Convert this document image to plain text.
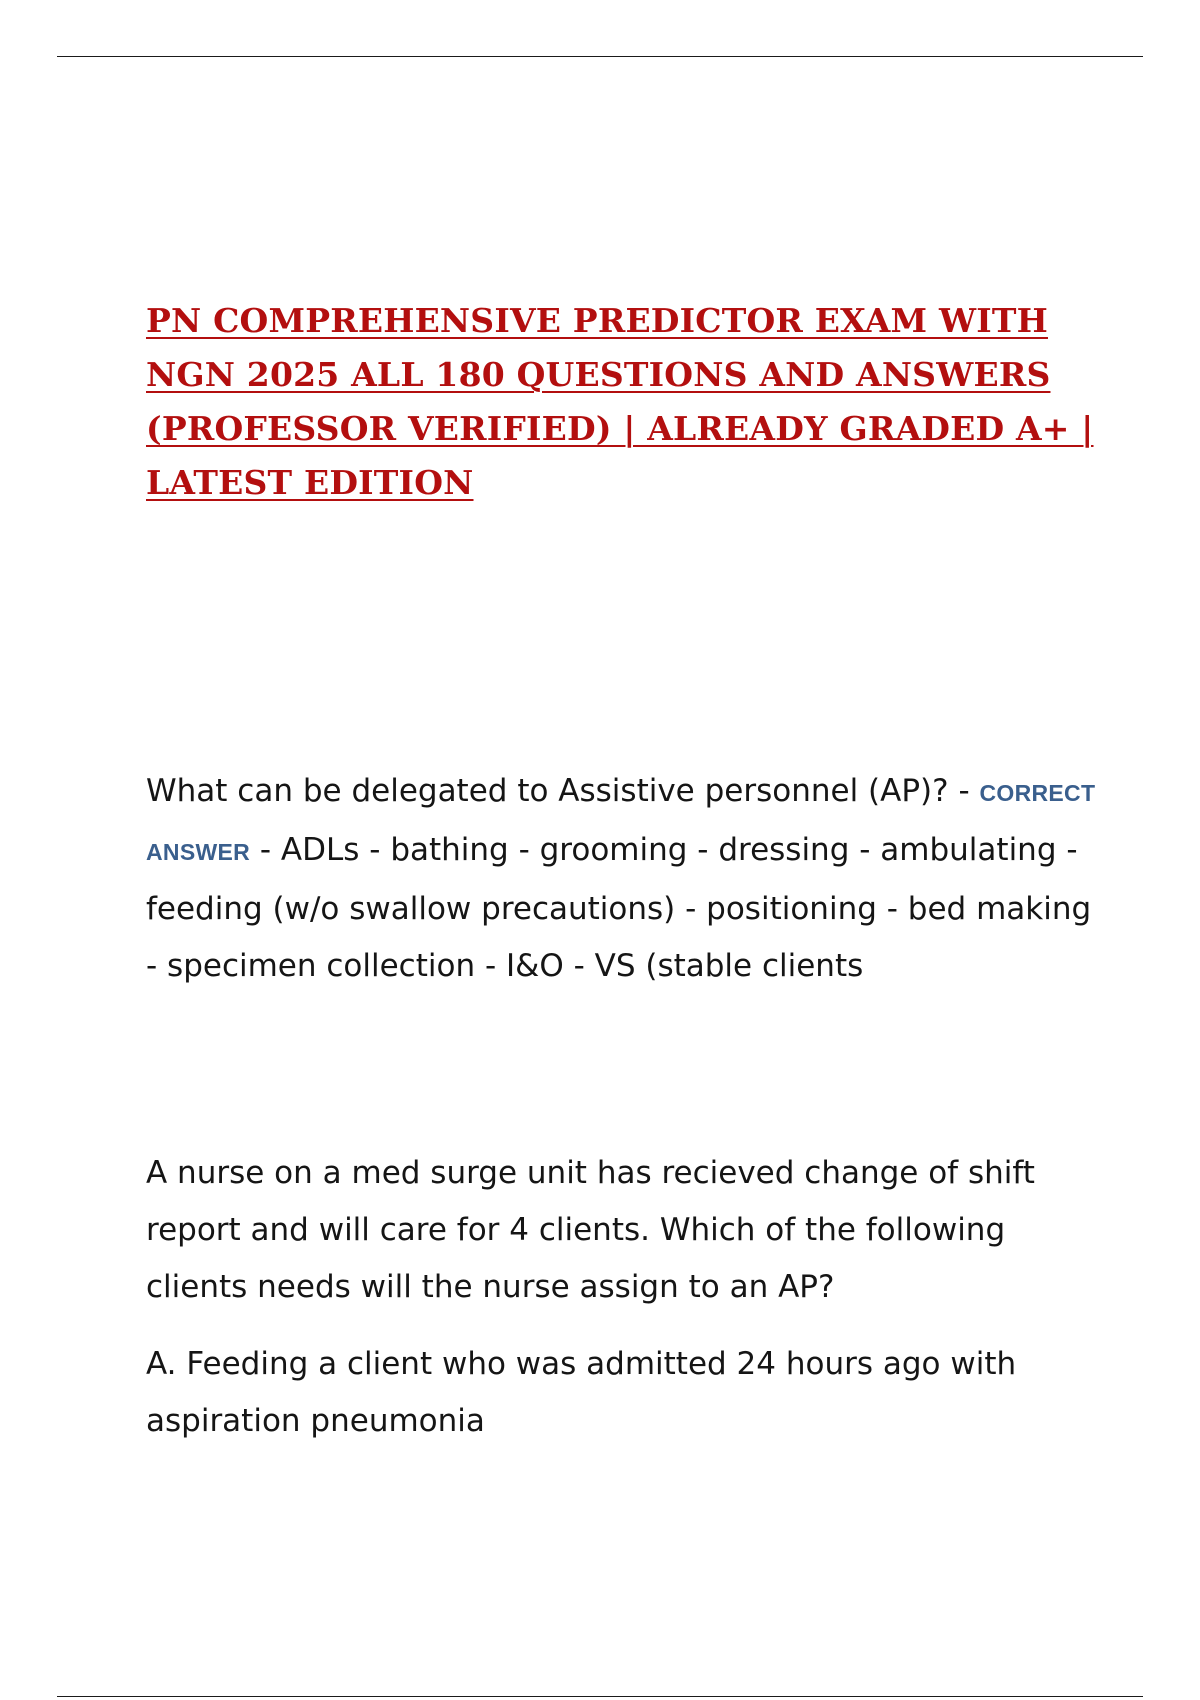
PN COMPREHENSIVE PREDICTOR EXAM WITH NGN 2025 ALL 180 QUESTIONS AND ANSWERS (PROFESSOR VERIFIED) | ALREADY GRADED A+ | LATEST EDITION

What can be delegated to Assistive personnel (AP)? - CORRECT ANSWER - ADLs - bathing - grooming - dressing - ambulating - feeding (w/o swallow precautions) - positioning - bed making - specimen collection - I&O - VS (stable clients

A nurse on a med surge unit has recieved change of shift report and will care for 4 clients. Which of the following clients needs will the nurse assign to an AP?

A. Feeding a client who was admitted 24 hours ago with aspiration pneumonia
